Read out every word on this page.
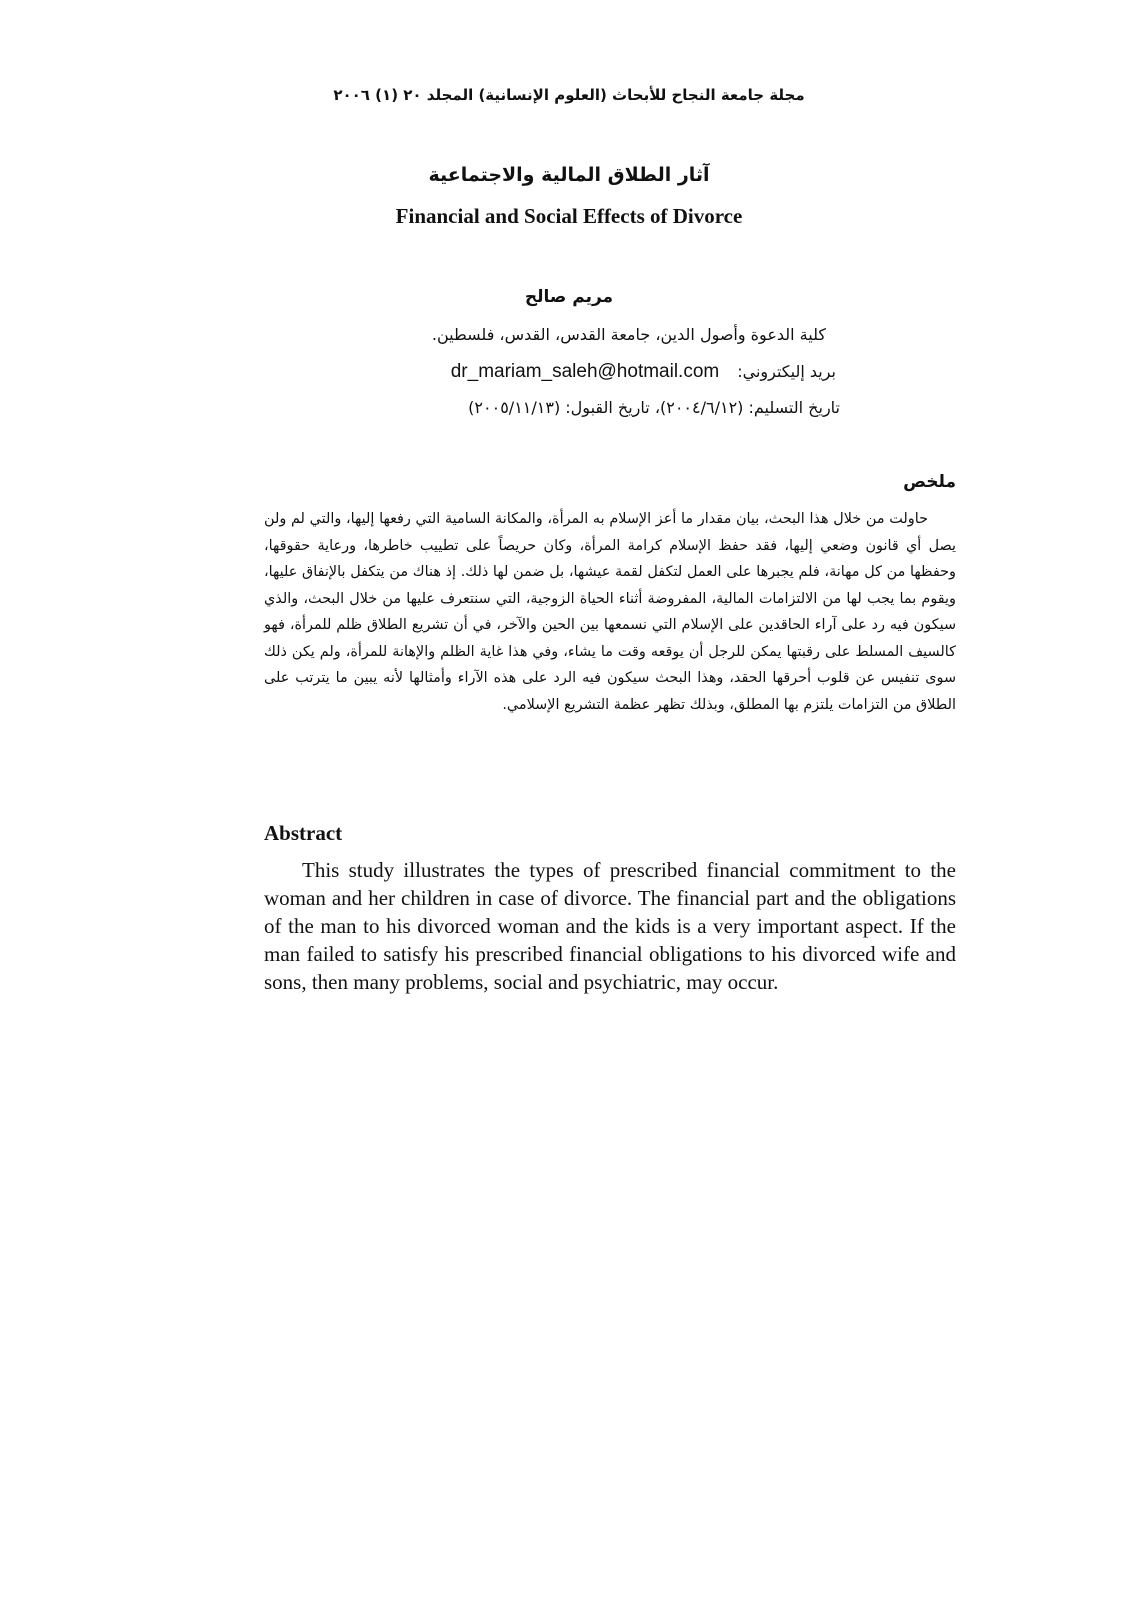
مجلة جامعة النجاح للأبحاث (العلوم الإنسانية) المجلد ٢٠ (١) ٢٠٠٦
آثار الطلاق المالية والاجتماعية
Financial and Social Effects of Divorce
مريم صالح
كلية الدعوة وأصول الدين، جامعة القدس، القدس، فلسطين.
بريد إليكتروني:dr_mariam_saleh@hotmail.com
تاريخ التسليم: (٢٠٠٤/٦/١٢)، تاريخ القبول: (٢٠٠٥/١١/١٣)
ملخص
حاولت من خلال هذا البحث، بيان مقدار ما أعز الإسلام به المرأة، والمكانة السامية التي رفعها إليها، والتي لم ولن يصل أي قانون وضعي إليها، فقد حفظ الإسلام كرامة المرأة، وكان حريصاً على تطييب خاطرها، ورعاية حقوقها، وحفظها من كل مهانة، فلم يجبرها على العمل لتكفل لقمة عيشها، بل ضمن لها ذلك. إذ هناك من يتكفل بالإنفاق عليها، ويقوم بما يجب لها من الالتزامات المالية، المفروضة أثناء الحياة الزوجية، التي سنتعرف عليها من خلال البحث، والذي سيكون فيه رد على آراء الحاقدين على الإسلام التي نسمعها بين الحين والآخر، في أن تشريع الطلاق ظلم للمرأة، فهو كالسيف المسلط على رقبتها يمكن للرجل أن يوقعه وقت ما يشاء، وفي هذا غاية الظلم والإهانة للمرأة، ولم يكن ذلك سوى تنفيس عن قلوب أحرقها الحقد، وهذا البحث سيكون فيه الرد على هذه الآراء وأمثالها لأنه يبين ما يترتب على الطلاق من التزامات يلتزم بها المطلق، وبذلك تظهر عظمة التشريع الإسلامي.
Abstract
This study illustrates the types of prescribed financial commitment to the woman and her children in case of divorce. The financial part and the obligations of the man to his divorced woman and the kids is a very important aspect. If the man failed to satisfy his prescribed financial obligations to his divorced wife and sons, then many problems, social and psychiatric, may occur.
